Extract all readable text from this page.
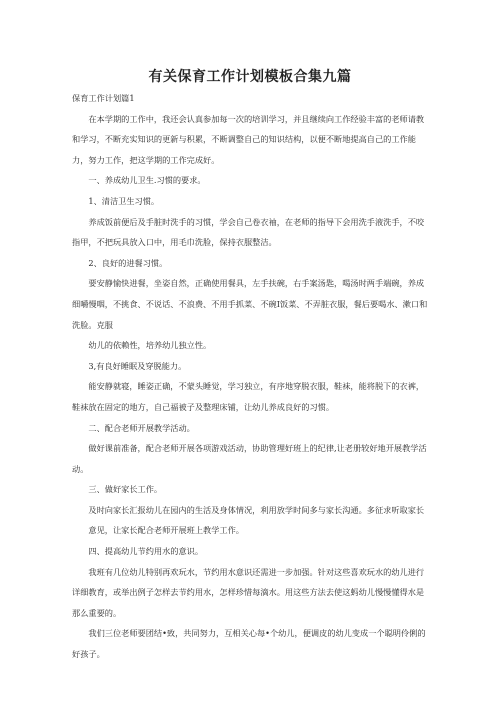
有关保育工作计划模板合集九篇

保育工作计划篇1

在本学期的工作中，我还会认真参加每一次的培训学习，并且继续向工作经验丰富的老师请教和学习，不断充实知识的更新与积累，不断调整自己的知识结构，以便不断地提高自己的工作能力，努力工作，把这学期的工作完成好。

一、养成幼儿卫生.习惯的要求。

1、清洁卫生习惯。

养成饭前便后及手脏时洗手的习惯，学会自己卷衣袖，在老师的指导下会用洗手液洗手，不咬指甲，不把玩具放入口中，用毛巾洗脸，保持衣服整洁。

2、良好的进餐习惯。

要安静愉快进餐，坐姿自然，正确使用餐具，左手扶碗，右手案汤匙，喝汤时两手端碗，养成细嚼慢咽，不挑食、不说话、不浪费、不用手抓菜、不碗I饭菜、不弄脏衣服，餐后要喝水、漱口和洗脸。克服

幼儿的依赖性，培养幼儿独立性。

3,有良好睡眠及穿脱能力。

能安静就寝，睡姿正确，不蒙头睡觉，学习独立，有序地穿脱衣服，鞋袜，能将脱下的衣裤，鞋袜放在固定的地方，自己福被子及整理床铺，让幼儿养成良好的习惯。

二、配合老师开展教学活动。

做好课前准备，配合老师开展各项游戏活动，协助管理好班上的纪律,让老册较好地开展教学活动。

三、做好家长工作。

及时向家长汇报幼儿在园内的生活及身体情况，利用放学时间多与家长沟通。多征求听取家长意见，让家长配合老师开展班上教学工作。

四、提高幼儿节约用水的意识。

我班有几位幼儿特别再欢玩水，节约用水意识还需进一步加强。针对这些喜欢玩水的幼儿进行详细教育，或举出例子怎样去节约用水，怎样珍惜每滴水。用这些方法去使这蚂幼儿慢慢懂得水是那么重要的。

我们三位老师要团结•致，共同努力，互相关心每•个幼儿，便调皮的幼儿变成一个聪明伶俐的好孩子。
